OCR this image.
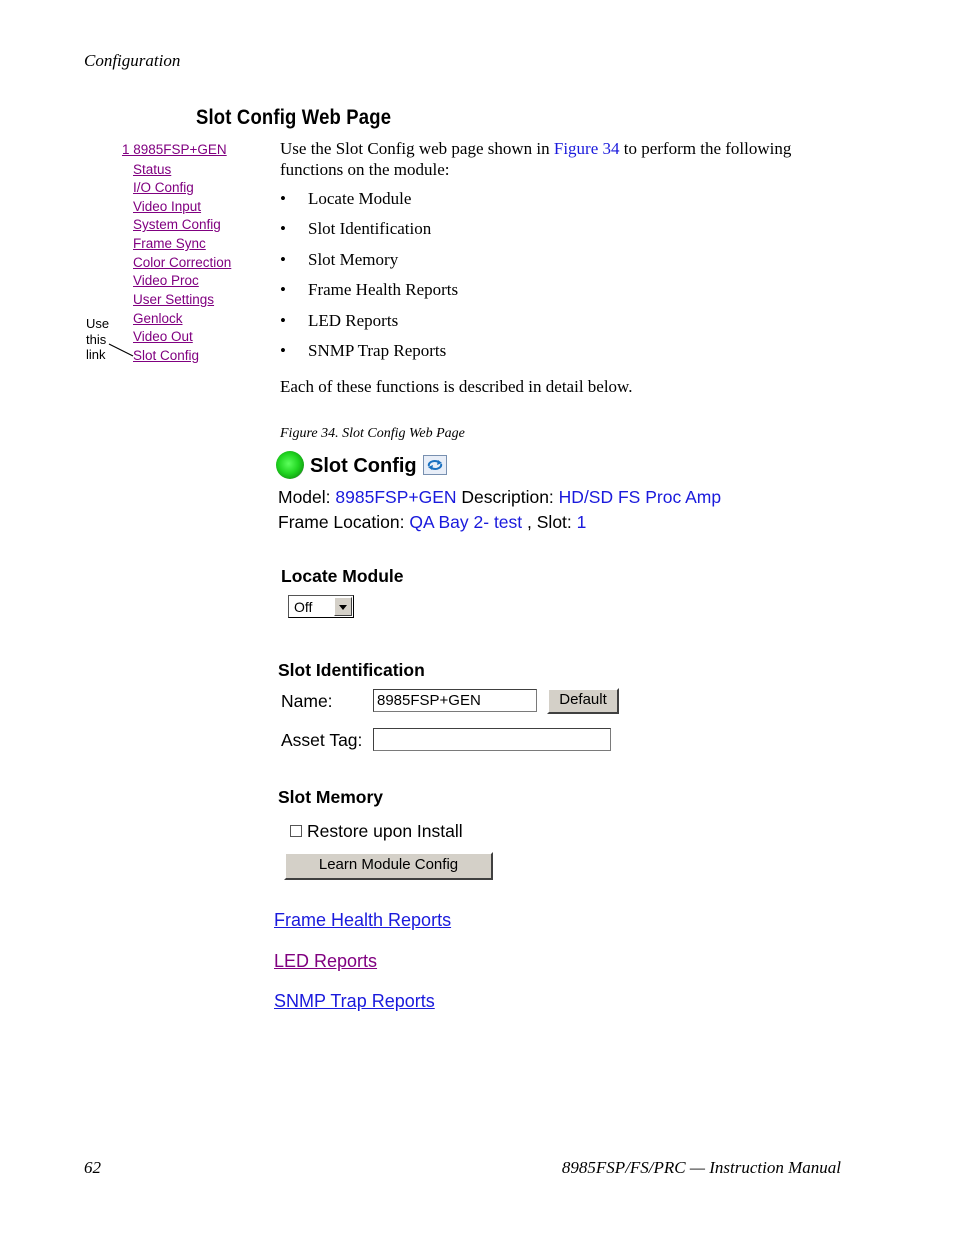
Configuration
Slot Config Web Page
1 8985FSP+GEN
Status
I/O Config
Video Input
System Config
Frame Sync
Color Correction
Video Proc
User Settings
Genlock
Video Out
Slot Config
Use
this
link
Use the Slot Config web page shown in Figure 34 to perform the following functions on the module:
• Locate Module
• Slot Identification
• Slot Memory
• Frame Health Reports
• LED Reports
• SNMP Trap Reports
Each of these functions is described in detail below.
Figure 34. Slot Config Web Page
Slot Config
Model: 8985FSP+GEN Description: HD/SD FS Proc Amp
Frame Location: QA Bay 2- test , Slot: 1
Locate Module
Off
Slot Identification
Name:
8985FSP+GEN	Default
Asset Tag:
Slot Memory
Restore upon Install
Learn Module Config
Frame Health Reports
LED Reports
SNMP Trap Reports
62	8985FSP/FS/PRC — Instruction Manual
